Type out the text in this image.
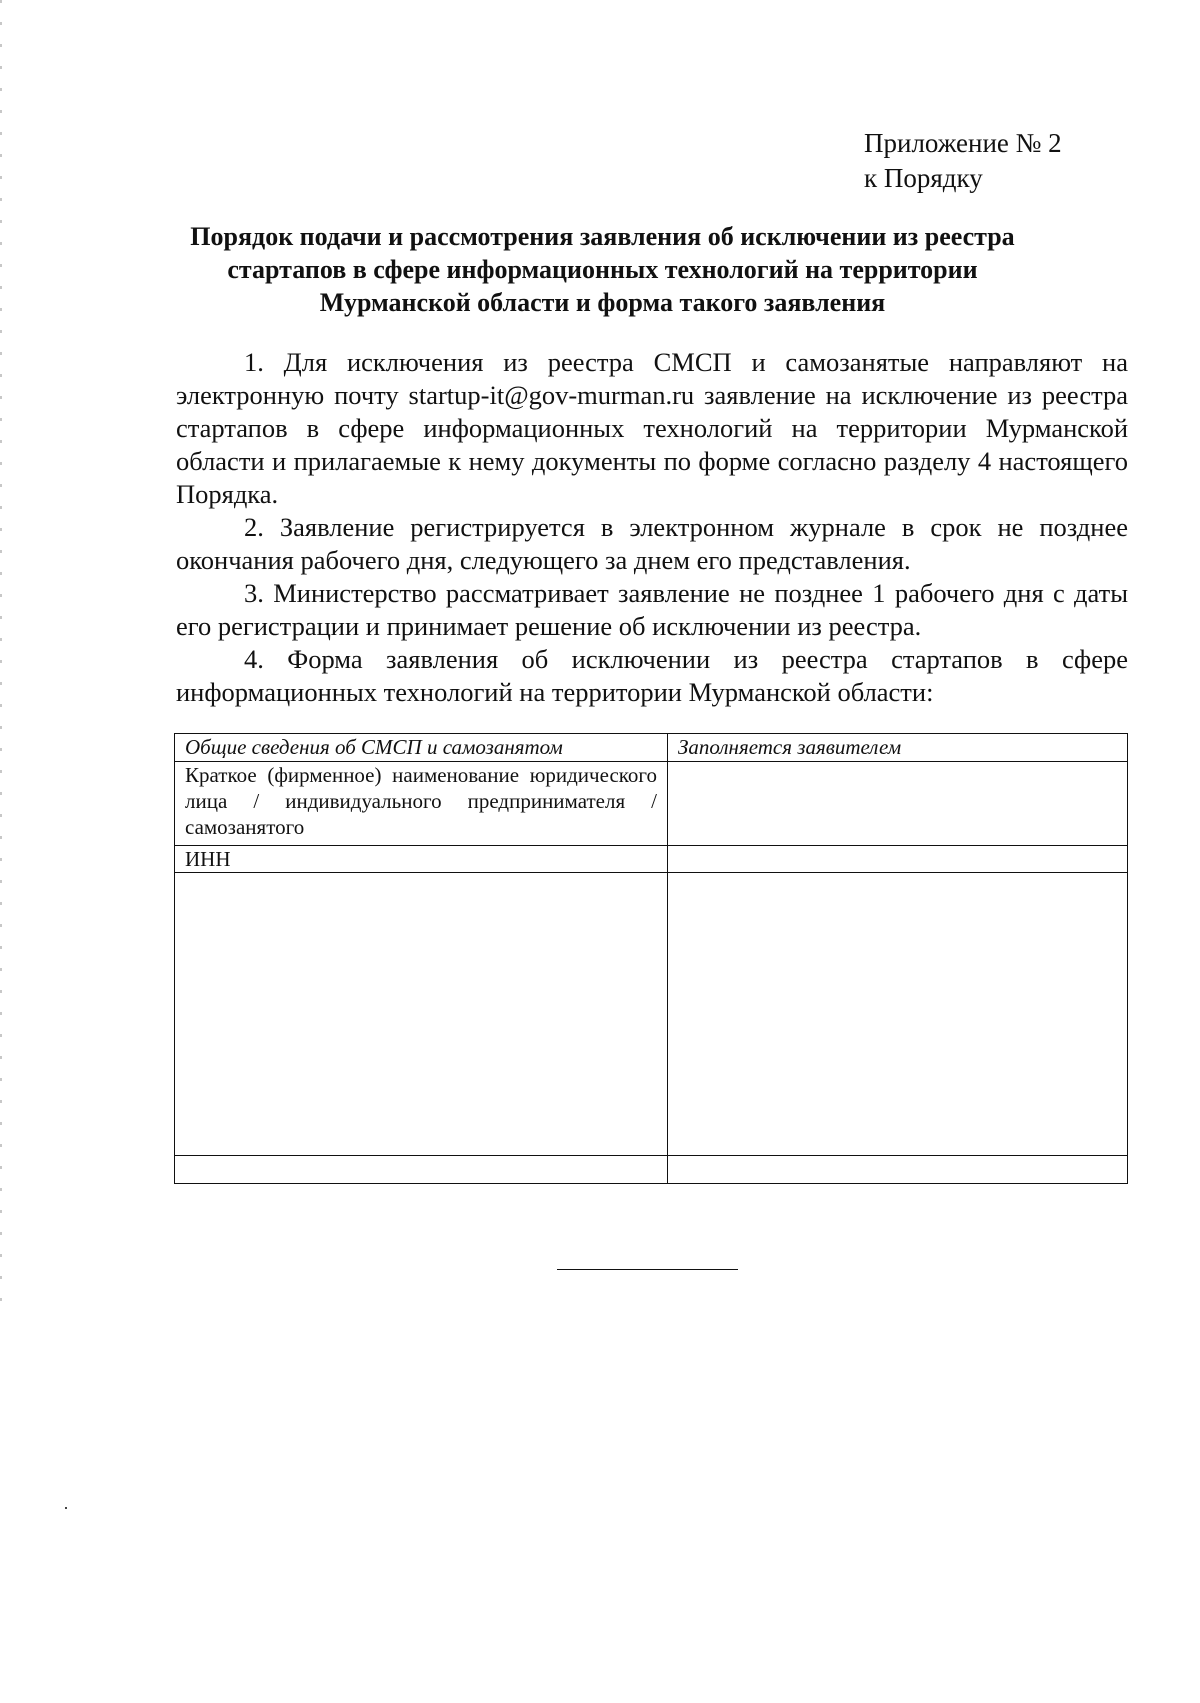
Приложение № 2
к Порядку
Порядок подачи и рассмотрения заявления об исключении из реестра
стартапов в сфере информационных технологий на территории
Мурманской области и форма такого заявления

1. Для исключения из реестра СМСП и самозанятые направляют на электронную почту startup-it@gov-murman.ru заявление на исключение из реестра стартапов в сфере информационных технологий на территории Мурманской области и прилагаемые к нему документы по форме согласно разделу 4 настоящего Порядка.

2. Заявление регистрируется в электронном журнале в срок не позднее окончания рабочего дня, следующего за днем его представления.

3. Министерство рассматривает заявление не позднее 1 рабочего дня с даты его регистрации и принимает решение об исключении из реестра.

4. Форма заявления об исключении из реестра стартапов в сфере информационных технологий на территории Мурманской области:

Общие сведения об СМСП и самозанятом	Заполняется заявителем
Краткое (фирменное) наименование юридического лица / индивидуального предпринимателя / самозанятого	
ИНН	
